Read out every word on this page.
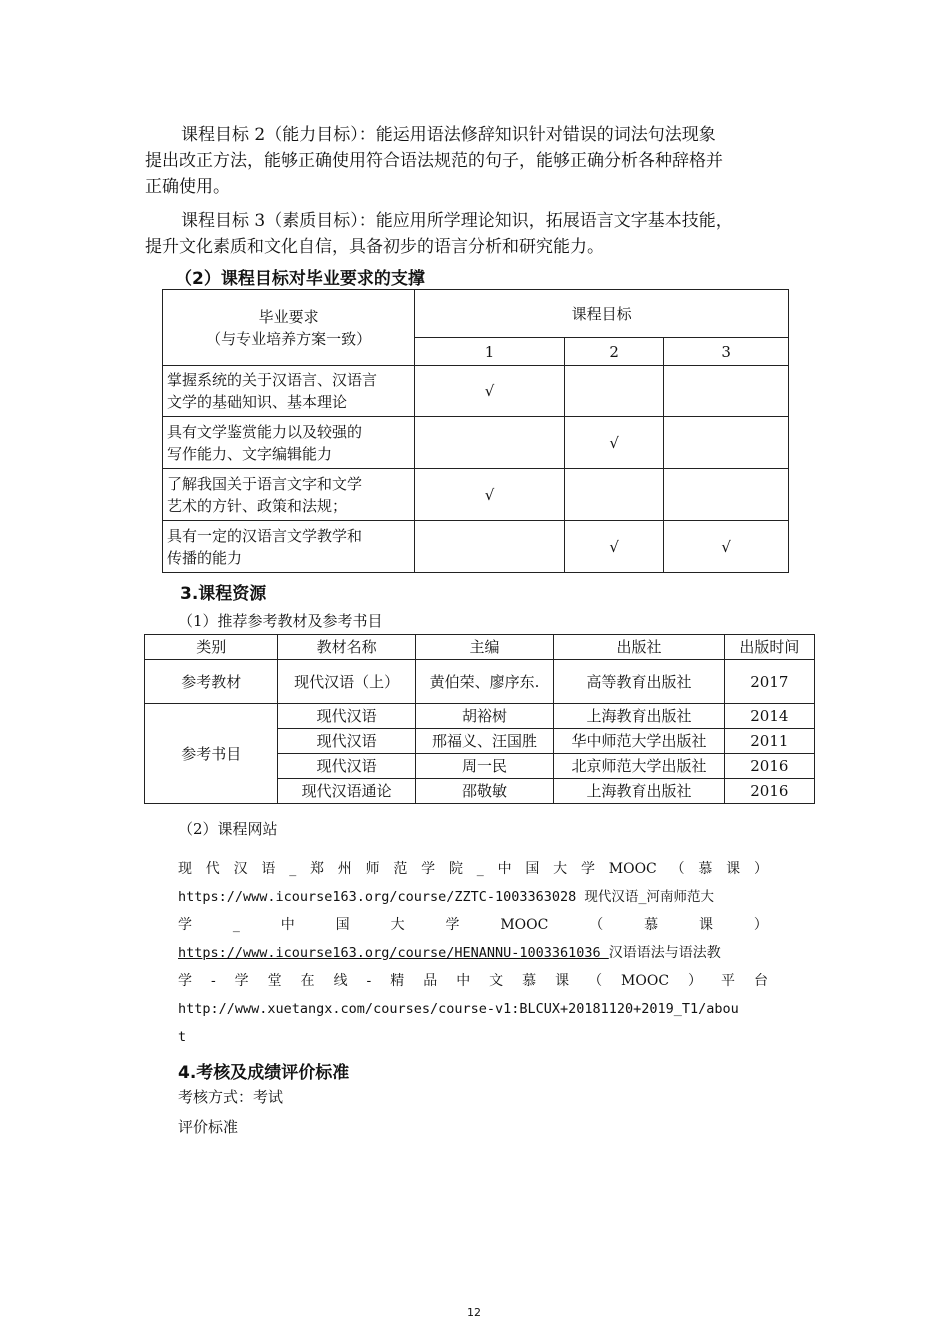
课程目标 2（能力目标）：能运用语法修辞知识针对错误的词法句法现象
提出改正方法，能够正确使用符合语法规范的句子，能够正确分析各种辞格并
正确使用。
课程目标 3（素质目标）：能应用所学理论知识，拓展语言文字基本技能，
提升文化素质和文化自信，具备初步的语言分析和研究能力。
（2）课程目标对毕业要求的支撑
毕业要求
（与专业培养方案一致）	课程目标		
	1	2	3

掌握系统的关于汉语言、汉语言
文学的基础知识、基本理论	√		

具有文学鉴赏能力以及较强的
写作能力、文字编辑能力		√	

了解我国关于语言文字和文学
艺术的方针、政策和法规；	√		

具有一定的汉语言文学教学和
传播的能力		√	√
3.课程资源
（1）推荐参考教材及参考书目
类别	教材名称	主编	出版社	出版时间
参考教材	现代汉语（上）	黄伯荣、廖序东.	高等教育出版社	2017
参考书目	现代汉语	胡裕树	上海教育出版社	2014
	现代汉语	邢福义、汪国胜	华中师范大学出版社	2011
	现代汉语	周一民	北京师范大学出版社	2016
	现代汉语通论	邵敬敏	上海教育出版社	2016
（2）课程网站
现 代 汉 语 _ 郑 州 师 范 学 院 _ 中 国 大 学 MOOC （ 慕 课 ）
https://www.icourse163.org/course/ZZTC-1003363028 现代汉语_河南师范大
学	_	中	国	大	学	MOOC	（	慕	课	）
https://www.icourse163.org/course/HENANNU-1003361036 汉语语法与语法教
学 - 学 堂 在 线 - 精 品 中 文 慕 课 （ MOOC ） 平 台
http://www.xuetangx.com/courses/course-v1:BLCUX+20181120+2019_T1/abou
t
4.考核及成绩评价标准
考核方式：考试
评价标准
12
